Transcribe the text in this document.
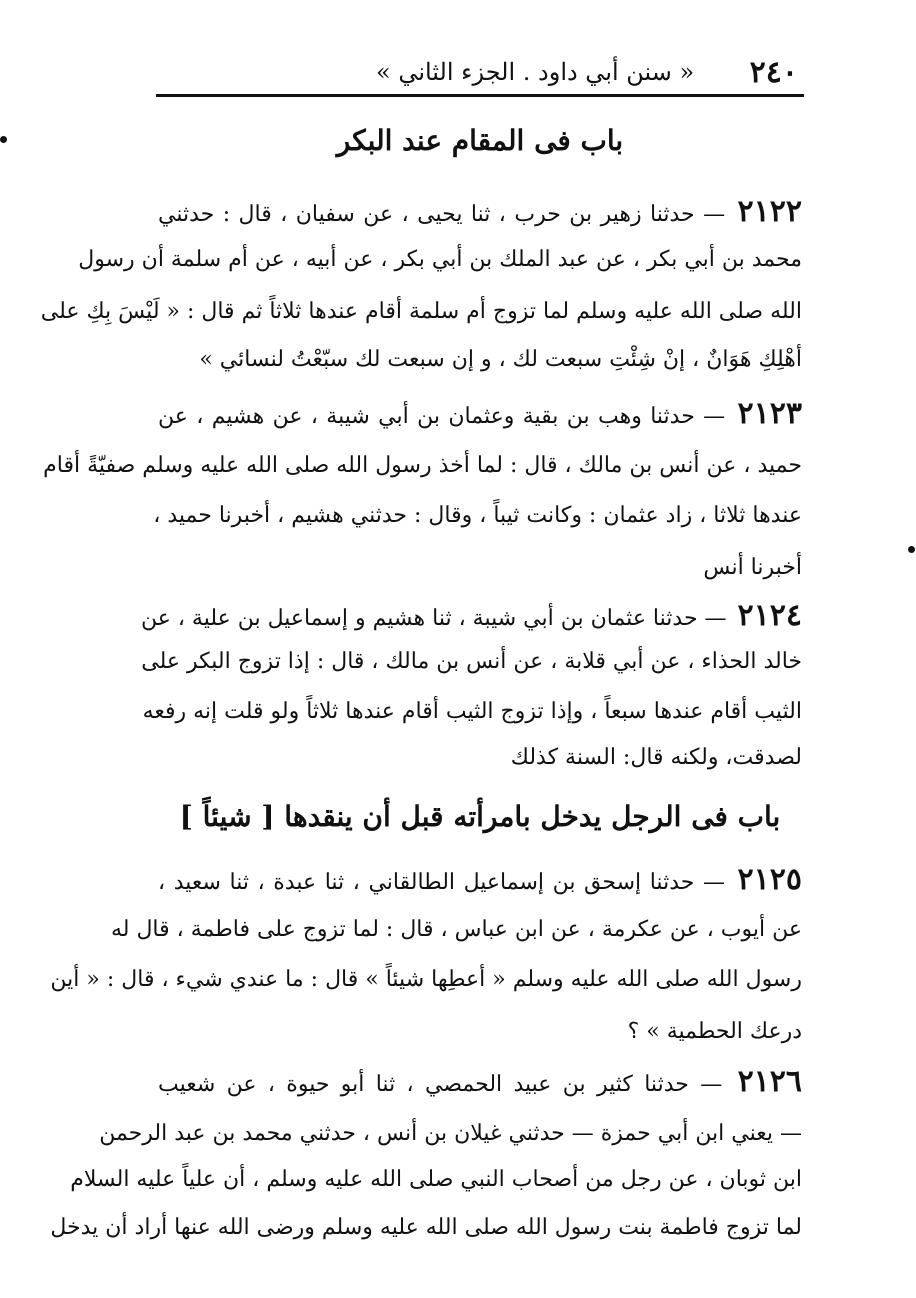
٢٤٠
« سنن أبي داود . الجزء الثاني »
باب فى المقام عند البكر
٢١٢٢ — حدثنا زهير بن حرب ، ثنا يحيى ، عن سفيان ، قال : حدثني
محمد بن أبي بكر ، عن عبد الملك بن أبي بكر ، عن أبيه ، عن أم سلمة أن رسول
الله صلى الله عليه وسلم لما تزوج أم سلمة أقام عندها ثلاثاً ثم قال : « لَيْسَ بِكِ على
أهْلِكِ هَوَانٌ ، إنْ شِئْتِ سبعت لك ، و إن سبعت لك سبّعْتُ لنسائي »
٢١٢٣ — حدثنا وهب بن بقية وعثمان بن أبي شيبة ، عن هشيم ، عن
حميد ، عن أنس بن مالك ، قال : لما أخذ رسول الله صلى الله عليه وسلم صفيّةً أقام
عندها ثلاثا ، زاد عثمان : وكانت ثيباً ، وقال : حدثني هشيم ، أخبرنا حميد ،
أخبرنا أنس
٢١٢٤ — حدثنا عثمان بن أبي شيبة ، ثنا هشيم و إسماعيل بن علية ، عن
خالد الحذاء ، عن أبي قلابة ، عن أنس بن مالك ، قال : إذا تزوج البكر على
الثيب أقام عندها سبعاً ، وإذا تزوج الثيب أقام عندها ثلاثاً ولو قلت إنه رفعه
لصدقت، ولكنه قال: السنة كذلك
باب فى الرجل يدخل بامرأته قبل أن ينقدها [ شيئاً ]
٢١٢٥ — حدثنا إسحق بن إسماعيل الطالقاني ، ثنا عبدة ، ثنا سعيد ،
عن أيوب ، عن عكرمة ، عن ابن عباس ، قال : لما تزوج على فاطمة ، قال له
رسول الله صلى الله عليه وسلم « أعطِها شيئاً » قال : ما عندي شيء ، قال : « أين
درعك الحطمية » ؟
٢١٢٦ — حدثنا كثير بن عبيد الحمصي ، ثنا أبو حيوة ، عن شعيب
— يعني ابن أبي حمزة — حدثني غيلان بن أنس ، حدثني محمد بن عبد الرحمن
ابن ثوبان ، عن رجل من أصحاب النبي صلى الله عليه وسلم ، أن علياً عليه السلام
لما تزوج فاطمة بنت رسول الله صلى الله عليه وسلم ورضى الله عنها أراد أن يدخل
